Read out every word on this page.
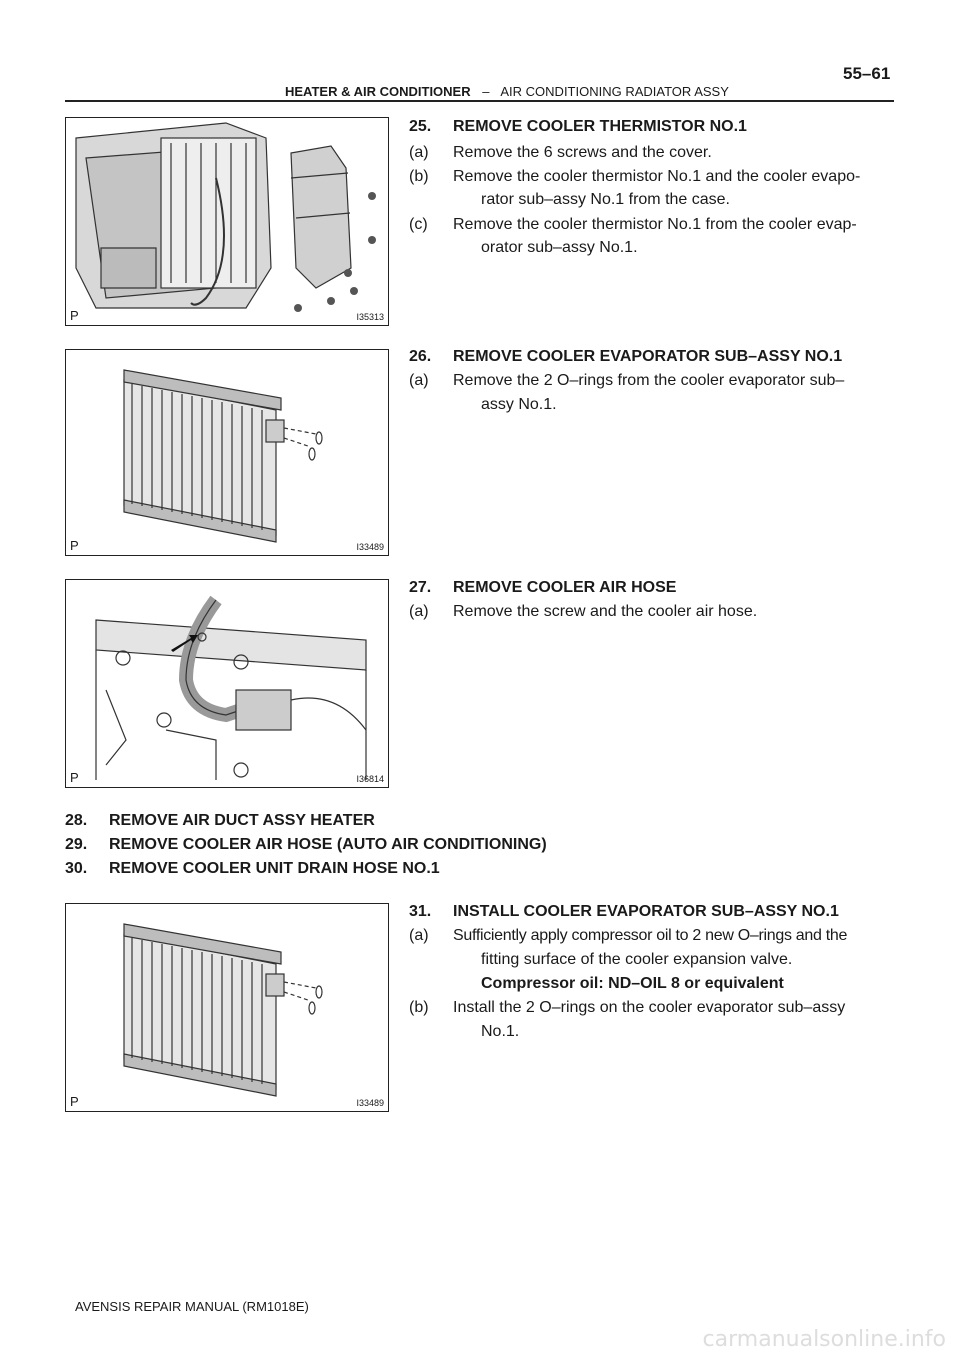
55–61
HEATER & AIR CONDITIONER – AIR CONDITIONING RADIATOR ASSY
P	I35313
P	I33489
P	I36814
P	I33489
25. REMOVE COOLER THERMISTOR NO.1
(a) Remove the 6 screws and the cover.
(b) Remove the cooler thermistor No.1 and the cooler evapo-
rator sub–assy No.1 from the case.
(c) Remove the cooler thermistor No.1 from the cooler evap-
orator sub–assy No.1.
26. REMOVE COOLER EVAPORATOR SUB–ASSY NO.1
(a) Remove the 2 O–rings from the cooler evaporator sub–
assy No.1.
27. REMOVE COOLER AIR HOSE
(a) Remove the screw and the cooler air hose.
28. REMOVE AIR DUCT ASSY HEATER
29. REMOVE COOLER AIR HOSE (AUTO AIR CONDITIONING)
30. REMOVE COOLER UNIT DRAIN HOSE NO.1
31. INSTALL COOLER EVAPORATOR SUB–ASSY NO.1
(a) Sufficiently apply compressor oil to 2 new O–rings and the
fitting surface of the cooler expansion valve.
Compressor oil: ND–OIL 8 or equivalent
(b) Install the 2 O–rings on the cooler evaporator sub–assy
No.1.
AVENSIS REPAIR MANUAL (RM1018E)
carmanualsonline.info
